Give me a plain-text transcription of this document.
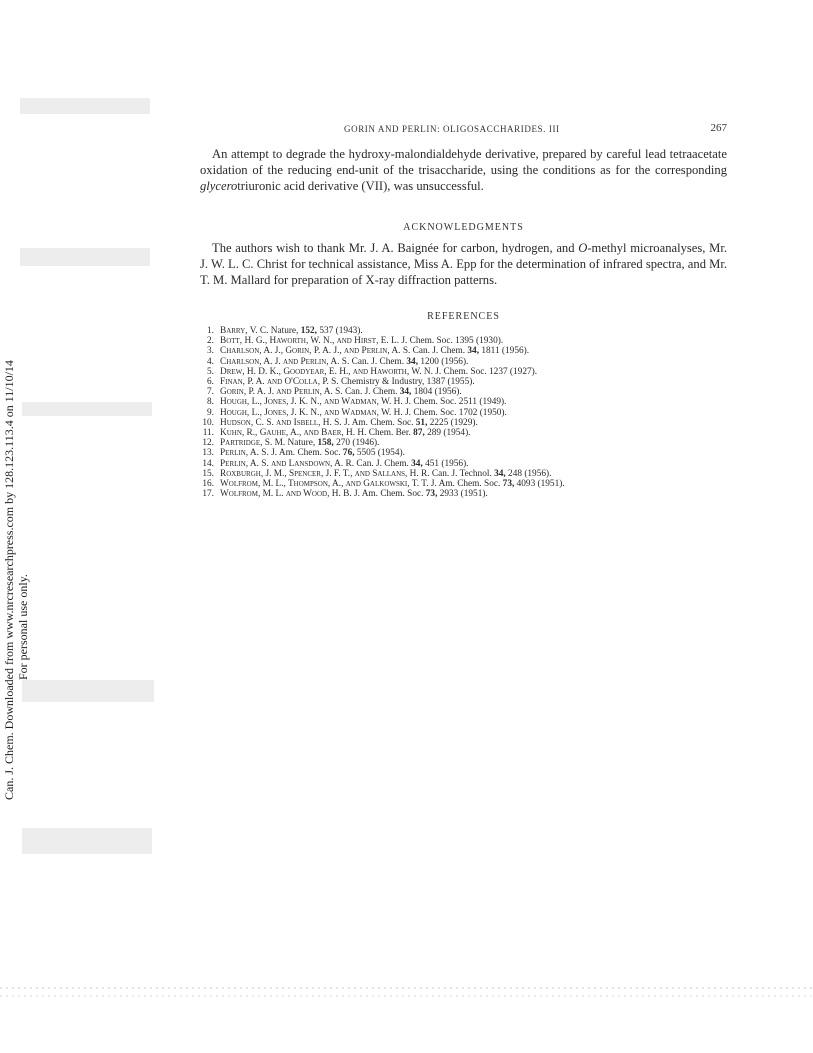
Can. J. Chem. Downloaded from www.nrcresearchpress.com by 128.123.113.4 on 11/10/14 For personal use only.
GORIN AND PERLIN: OLIGOSACCHARIDES. III	267

An attempt to degrade the hydroxy-malondialdehyde derivative, prepared by careful lead tetraacetate oxidation of the reducing end-unit of the trisaccharide, using the conditions as for the corresponding glycerotriuronic acid derivative (VII), was unsuccessful.

ACKNOWLEDGMENTS

The authors wish to thank Mr. J. A. Baignée for carbon, hydrogen, and O-methyl microanalyses, Mr. J. W. L. C. Christ for technical assistance, Miss A. Epp for the determination of infrared spectra, and Mr. T. M. Mallard for preparation of X-ray diffraction patterns.

REFERENCES
1. Barry, V. C. Nature, 152, 537 (1943).
2. Bott, H. G., Haworth, W. N., and Hirst, E. L. J. Chem. Soc. 1395 (1930).
3. Charlson, A. J., Gorin, P. A. J., and Perlin, A. S. Can. J. Chem. 34, 1811 (1956).
4. Charlson, A. J. and Perlin, A. S. Can. J. Chem. 34, 1200 (1956).
5. Drew, H. D. K., Goodyear, E. H., and Haworth, W. N. J. Chem. Soc. 1237 (1927).
6. Finan, P. A. and O'Colla, P. S. Chemistry & Industry, 1387 (1955).
7. Gorin, P. A. J. and Perlin, A. S. Can. J. Chem. 34, 1804 (1956).
8. Hough, L., Jones, J. K. N., and Wadman, W. H. J. Chem. Soc. 2511 (1949).
9. Hough, L., Jones, J. K. N., and Wadman, W. H. J. Chem. Soc. 1702 (1950).
10. Hudson, C. S. and Isbell, H. S. J. Am. Chem. Soc. 51, 2225 (1929).
11. Kuhn, R., Gauhe, A., and Baer, H. H. Chem. Ber. 87, 289 (1954).
12. Partridge, S. M. Nature, 158, 270 (1946).
13. Perlin, A. S. J. Am. Chem. Soc. 76, 5505 (1954).
14. Perlin, A. S. and Lansdown, A. R. Can. J. Chem. 34, 451 (1956).
15. Roxburgh, J. M., Spencer, J. F. T., and Sallans, H. R. Can. J. Technol. 34, 248 (1956).
16. Wolfrom, M. L., Thompson, A., and Galkowski, T. T. J. Am. Chem. Soc. 73, 4093 (1951).
17. Wolfrom, M. L. and Wood, H. B. J. Am. Chem. Soc. 73, 2933 (1951).
